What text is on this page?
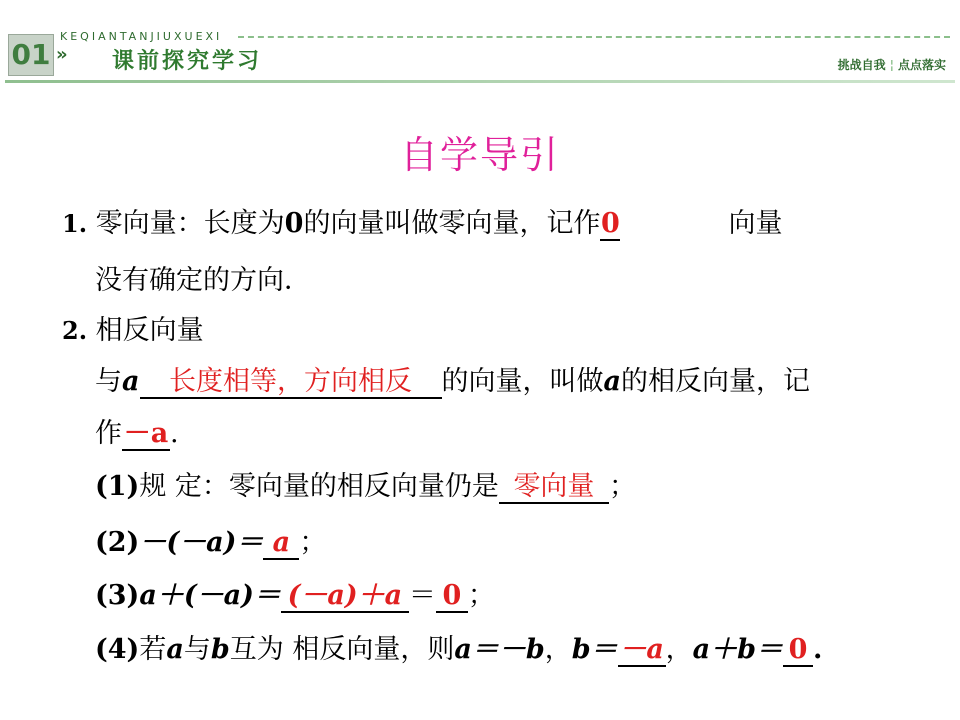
01
KEQIANTANJIUXUEXI
» 课前探究学习	挑战自我 ¦ 点点落实
自学导引
1. 零向量：长度为0的向量叫做零向量，记作0	向量
没有确定的方向．
2. 相反向量
与a 长度相等，方向相反 的向量，叫做a的相反向量，记
作－a.
(1)规 定：零向量的相反向量仍是 零向量 ；
(2)－(－a)＝ a ；
(3)a＋(－a)＝ (－a)＋a ＝ 0 ；
(4)若a与b互为 相反向量，则a＝－b，b＝－a，a＋b＝ 0 .
